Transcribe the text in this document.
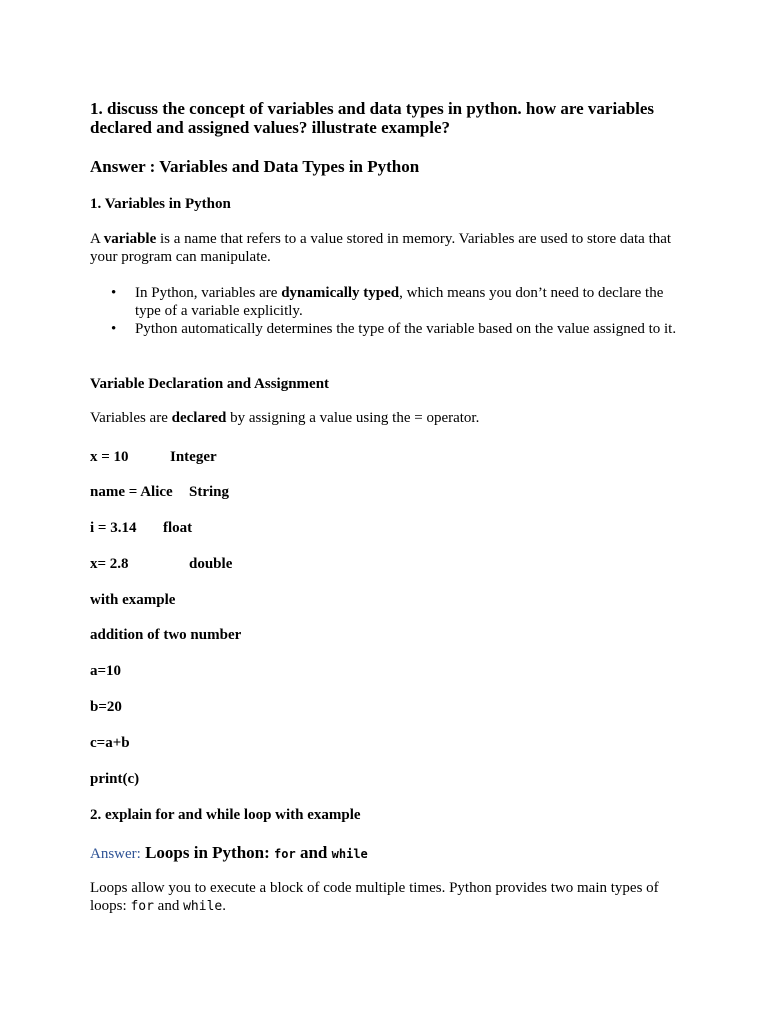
1. discuss the concept of variables and data types in python. how are variables declared and assigned values? illustrate example?

Answer : Variables and Data Types in Python

1. Variables in Python

A variable is a name that refers to a value stored in memory. Variables are used to store data that your program can manipulate.

• In Python, variables are dynamically typed, which means you don’t need to declare the type of a variable explicitly.
• Python automatically determines the type of the variable based on the value assigned to it.

Variable Declaration and Assignment

Variables are declared by assigning a value using the = operator.

x = 10	Integer

name = Alice String

i = 3.14 float

x= 2.8	double

with example

addition of two number

a=10

b=20

c=a+b

print(c)

2. explain for and while loop with example

Answer: Loops in Python: for and while

Loops allow you to execute a block of code multiple times. Python provides two main types of loops: for and while.
